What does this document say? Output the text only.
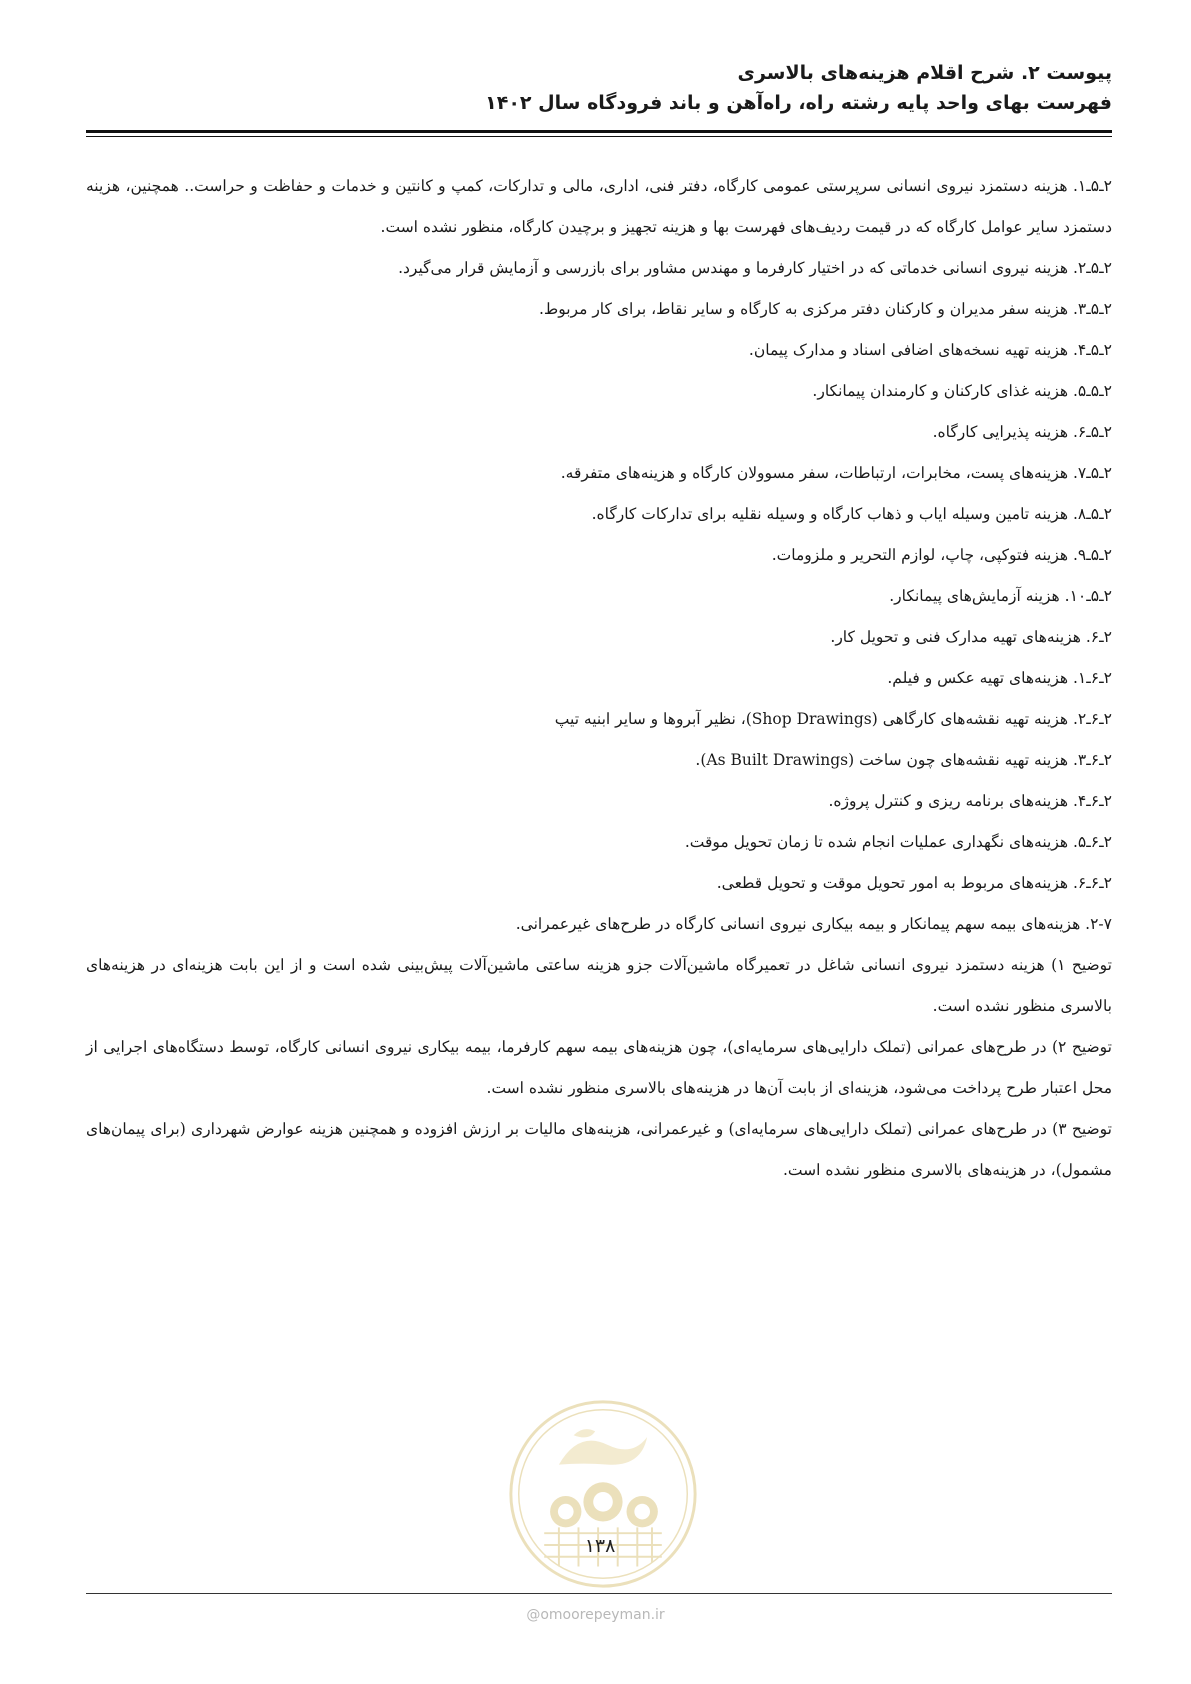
پیوست ۲. شرح اقلام هزینه‌های بالاسری

فهرست بهای واحد پایه رشته راه، راه‌آهن و باند فرودگاه سال ۱۴۰۲

۲ـ۵ـ۱. هزینه دستمزد نیروی انسانی سرپرستی عمومی کارگاه، دفتر فنی، اداری، مالی و تدارکات، کمپ و کانتین و خدمات و حفاظت و حراست.. همچنین، هزینه دستمزد سایر عوامل کارگاه که در قیمت ردیف‌های فهرست بها و هزینه تجهیز و برچیدن کارگاه، منظور نشده است.

۲ـ۵ـ۲. هزینه نیروی انسانی خدماتی که در اختیار کارفرما و مهندس مشاور برای بازرسی و آزمایش قرار می‌گیرد.

۲ـ۵ـ۳. هزینه سفر مدیران و کارکنان دفتر مرکزی به کارگاه و سایر نقاط، برای کار مربوط.

۲ـ۵ـ۴. هزینه تهیه نسخه‌های اضافی اسناد و مدارک پیمان.

۲ـ۵ـ۵. هزینه غذای کارکنان و کارمندان پیمانکار.

۲ـ۵ـ۶. هزینه پذیرایی کارگاه.

۲ـ۵ـ۷. هزینه‌های پست، مخابرات، ارتباطات، سفر مسوولان کارگاه و هزینه‌های متفرقه.

۲ـ۵ـ۸. هزینه تامین وسیله ایاب و ذهاب کارگاه و وسیله نقلیه برای تدارکات کارگاه.

۲ـ۵ـ۹. هزینه فتوکپی، چاپ، لوازم التحریر و ملزومات.

۲ـ۵ـ۱۰. هزینه آزمایش‌های پیمانکار.

۲ـ۶. هزینه‌های تهیه مدارک فنی و تحویل کار.

۲ـ۶ـ۱. هزینه‌های تهیه عکس و فیلم.

۲ـ۶ـ۲. هزینه تهیه نقشه‌های کارگاهی (Shop Drawings)، نظیر آبروها و سایر ابنیه تیپ

۲ـ۶ـ۳. هزینه تهیه نقشه‌های چون ساخت (As Built Drawings).

۲ـ۶ـ۴. هزینه‌های برنامه ریزی و کنترل پروژه.

۲ـ۶ـ۵. هزینه‌های نگهداری عملیات انجام شده تا زمان تحویل موقت.

۲ـ۶ـ۶. هزینه‌های مربوط به امور تحویل موقت و تحویل قطعی.

۲-۷. هزینه‌های بیمه سهم پیمانکار و بیمه بیکاری نیروی انسانی کارگاه در طرح‌های غیرعمرانی.

توضیح ۱) هزینه دستمزد نیروی انسانی شاغل در تعمیرگاه ماشین‌آلات جزو هزینه ساعتی ماشین‌آلات پیش‌بینی شده است و از این بابت هزینه‌ای در هزینه‌های بالاسری منظور نشده است.

توضیح ۲) در طرح‌های عمرانی (تملک دارایی‌های سرمایه‌ای)، چون هزینه‌های بیمه سهم کارفرما، بیمه بیکاری نیروی انسانی کارگاه، توسط دستگاه‌های اجرایی از محل اعتبار طرح پرداخت می‌شود، هزینه‌ای از بابت آن‌ها در هزینه‌های بالاسری منظور نشده است.

توضیح ۳) در طرح‌های عمرانی (تملک دارایی‌های سرمایه‌ای) و غیرعمرانی، هزینه‌های مالیات بر ارزش افزوده و همچنین هزینه عوارض شهرداری (برای پیمان‌های مشمول)، در هزینه‌های بالاسری منظور نشده است.

۱۳۸
@omoorepeyman.ir
